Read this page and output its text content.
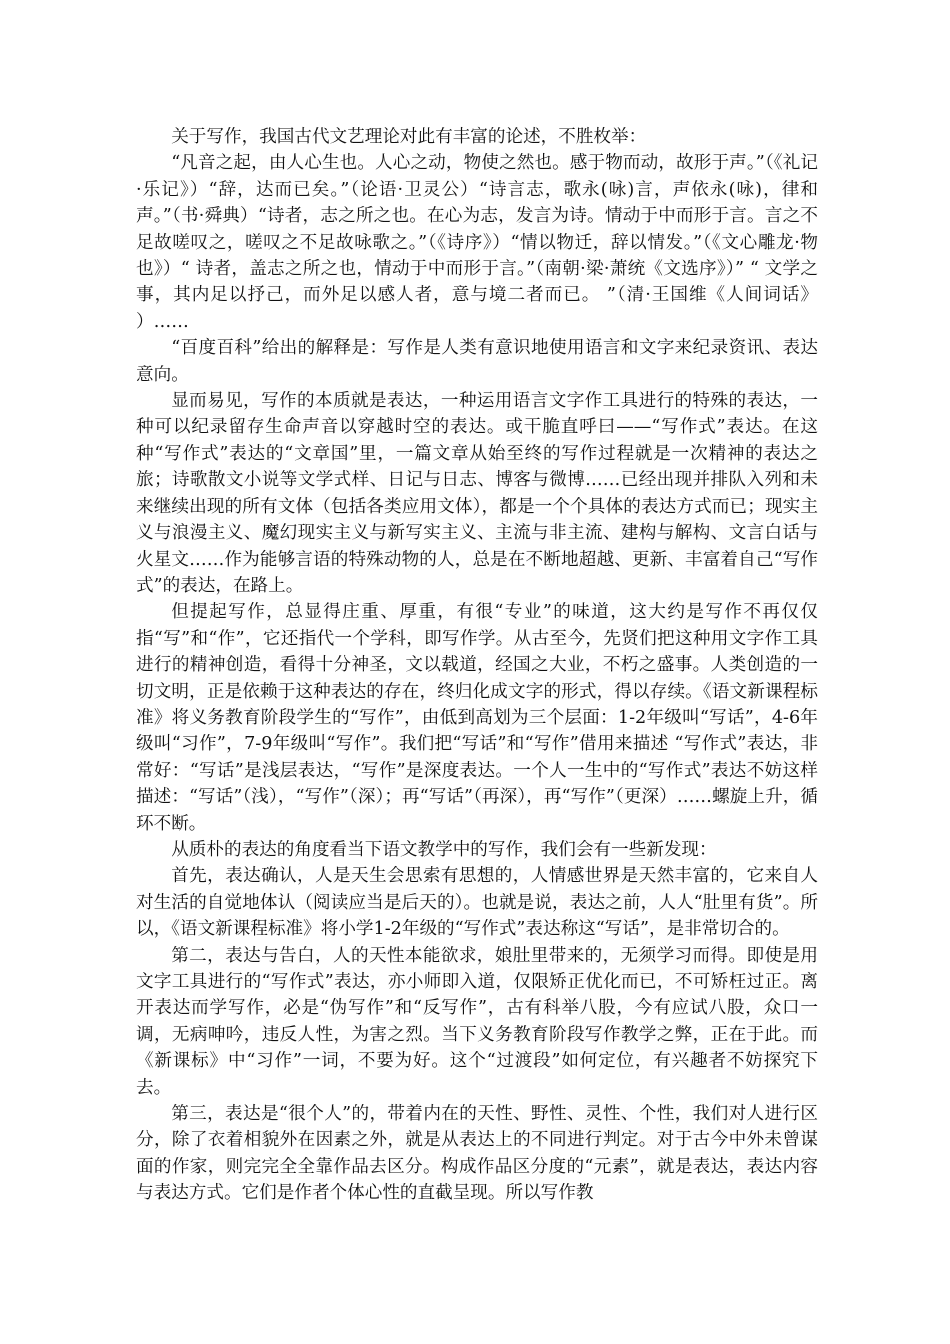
关于写作，我国古代文艺理论对此有丰富的论述，不胜枚举：

“凡音之起，由人心生也。人心之动，物使之然也。感于物而动，故形于声。”（《礼记·乐记》）“辞，达而已矣。”（论语·卫灵公）“诗言志，歌永(咏)言，声依永(咏)，律和声。”（书·舜典）“诗者，志之所之也。在心为志，发言为诗。情动于中而形于言。言之不足故嗟叹之，嗟叹之不足故咏歌之。”（《诗序》）“情以物迁，辞以情发。”（《文心雕龙·物也》）“ 诗者，盖志之所之也，情动于中而形于言。”（南朝·梁·萧统《文选序》）” “ 文学之事，其内足以抒己，而外足以感人者，意与境二者而已。 ”（清·王国维《人间词话》 ）……

“百度百科”给出的解释是：写作是人类有意识地使用语言和文字来纪录资讯、表达意向。

显而易见，写作的本质就是表达，一种运用语言文字作工具进行的特殊的表达，一种可以纪录留存生命声音以穿越时空的表达。或干脆直呼曰——“写作式”表达。在这种“写作式”表达的“文章国”里，一篇文章从始至终的写作过程就是一次精神的表达之旅；诗歌散文小说等文学式样、日记与日志、博客与微博……已经出现并排队入列和未来继续出现的所有文体（包括各类应用文体），都是一个个具体的表达方式而已；现实主义与浪漫主义、魔幻现实主义与新写实主义、主流与非主流、建构与解构、文言白话与火星文……作为能够言语的特殊动物的人，总是在不断地超越、更新、丰富着自己“写作式”的表达，在路上。

但提起写作，总显得庄重、厚重，有很“专业”的味道，这大约是写作不再仅仅指“写”和“作”，它还指代一个学科，即写作学。从古至今，先贤们把这种用文字作工具进行的精神创造，看得十分神圣，文以载道，经国之大业，不朽之盛事。人类创造的一切文明，正是依赖于这种表达的存在，终归化成文字的形式，得以存续。《语文新课程标准》将义务教育阶段学生的“写作”，由低到高划为三个层面：1-2年级叫“写话”，4-6年级叫“习作”，7-9年级叫“写作”。我们把“写话”和“写作”借用来描述 “写作式”表达，非常好：“写话”是浅层表达，“写作”是深度表达。一个人一生中的“写作式”表达不妨这样描述：“写话”（浅），“写作”（深）；再“写话”（再深），再“写作”（更深）……螺旋上升，循环不断。

从质朴的表达的角度看当下语文教学中的写作，我们会有一些新发现：

首先，表达确认，人是天生会思索有思想的，人情感世界是天然丰富的，它来自人对生活的自觉地体认（阅读应当是后天的）。也就是说，表达之前，人人“肚里有货”。所以，《语文新课程标准》将小学1-2年级的“写作式”表达称这“写话”，是非常切合的。

第二，表达与告白，人的天性本能欲求，娘肚里带来的，无须学习而得。即使是用文字工具进行的“写作式”表达，亦小师即入道，仅限矫正优化而已，不可矫枉过正。离开表达而学写作，必是“伪写作”和“反写作”，古有科举八股，今有应试八股，众口一调，无病呻吟，违反人性，为害之烈。当下义务教育阶段写作教学之弊，正在于此。而《新课标》中“习作”一词，不要为好。这个“过渡段”如何定位，有兴趣者不妨探究下去。

第三，表达是“很个人”的，带着内在的天性、野性、灵性、个性，我们对人进行区分，除了衣着相貌外在因素之外，就是从表达上的不同进行判定。对于古今中外未曾谋面的作家，则完完全全靠作品去区分。构成作品区分度的“元素”，就是表达，表达内容与表达方式。它们是作者个体心性的直截呈现。所以写作教
